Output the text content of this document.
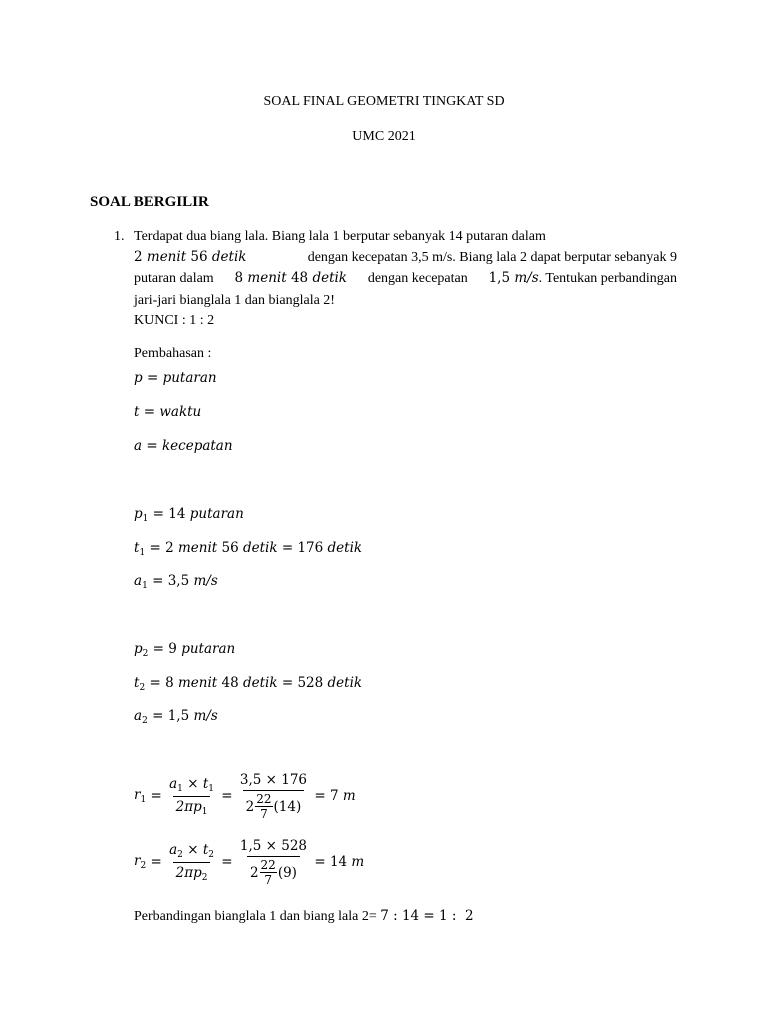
SOAL FINAL GEOMETRI TINGKAT SD
UMC 2021
SOAL BERGILIR
1. Terdapat dua biang lala. Biang lala 1 berputar sebanyak 14 putaran dalam
2 menit 56 detik	dengan kecepatan 3,5 m/s. Biang lala 2 dapat berputar sebanyak 9
putaran dalam 8 menit 48 detik dengan kecepatan 1,5 m/s. Tentukan perbandingan
jari-jari bianglala 1 dan bianglala 2!
KUNCI : 1 : 2
Pembahasan :
p = putaran
t = waktu
a = kecepatan
$p_1 = 14$ putaran
$t_1 = 2$ menit 56 detik = 176 detik
$a_1 = 3,5$ m/s
$p_2 = 9$ putaran
$t_2 = 8$ menit 48 detik = 528 detik
$a_2 = 1,5$ m/s
$r_1 = \frac{a_1 \times t_1}{2\pi p_1} = \frac{3,5 \times 176}{2 \frac{22}{7} (14)} = 7$ m
$r_2 = \frac{a_2 \times t_2}{2\pi p_2} = \frac{1,5 \times 528}{2 \frac{22}{7} (9)} = 14$ m
Perbandingan bianglala 1 dan biang lala 2= 7 : 14 = 1 :  2
